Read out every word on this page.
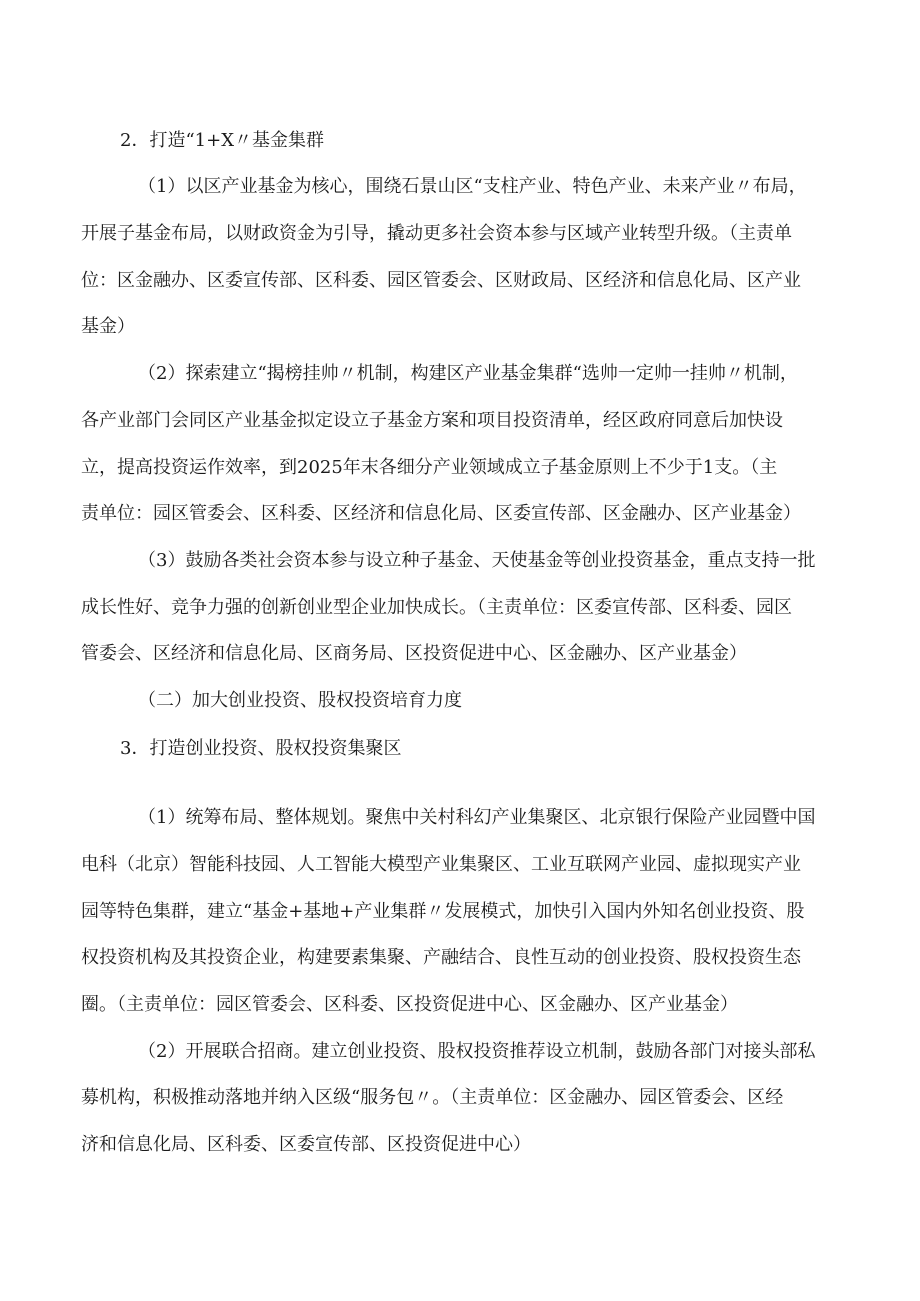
2．打造“1+X〃基金集群
（1）以区产业基金为核心，围绕石景山区“支柱产业、特色产业、未来产业〃布局，
开展子基金布局，以财政资金为引导，撬动更多社会资本参与区域产业转型升级。（主责单
位：区金融办、区委宣传部、区科委、园区管委会、区财政局、区经济和信息化局、区产业
基金）
（2）探索建立“揭榜挂帅〃机制，构建区产业基金集群“选帅一定帅一挂帅〃机制，
各产业部门会同区产业基金拟定设立子基金方案和项目投资清单，经区政府同意后加快设
立，提高投资运作效率，到2025年末各细分产业领域成立子基金原则上不少于1支。（主
责单位：园区管委会、区科委、区经济和信息化局、区委宣传部、区金融办、区产业基金）
（3）鼓励各类社会资本参与设立种子基金、天使基金等创业投资基金，重点支持一批
成长性好、竞争力强的创新创业型企业加快成长。（主责单位：区委宣传部、区科委、园区
管委会、区经济和信息化局、区商务局、区投资促进中心、区金融办、区产业基金）
（二）加大创业投资、股权投资培育力度
3．打造创业投资、股权投资集聚区
（1）统筹布局、整体规划。聚焦中关村科幻产业集聚区、北京银行保险产业园暨中国
电科（北京）智能科技园、人工智能大模型产业集聚区、工业互联网产业园、虚拟现实产业
园等特色集群，建立“基金+基地+产业集群〃发展模式，加快引入国内外知名创业投资、股
权投资机构及其投资企业，构建要素集聚、产融结合、良性互动的创业投资、股权投资生态
圈。（主责单位：园区管委会、区科委、区投资促进中心、区金融办、区产业基金）
（2）开展联合招商。建立创业投资、股权投资推荐设立机制，鼓励各部门对接头部私
募机构，积极推动落地并纳入区级“服务包〃。（主责单位：区金融办、园区管委会、区经
济和信息化局、区科委、区委宣传部、区投资促进中心）
